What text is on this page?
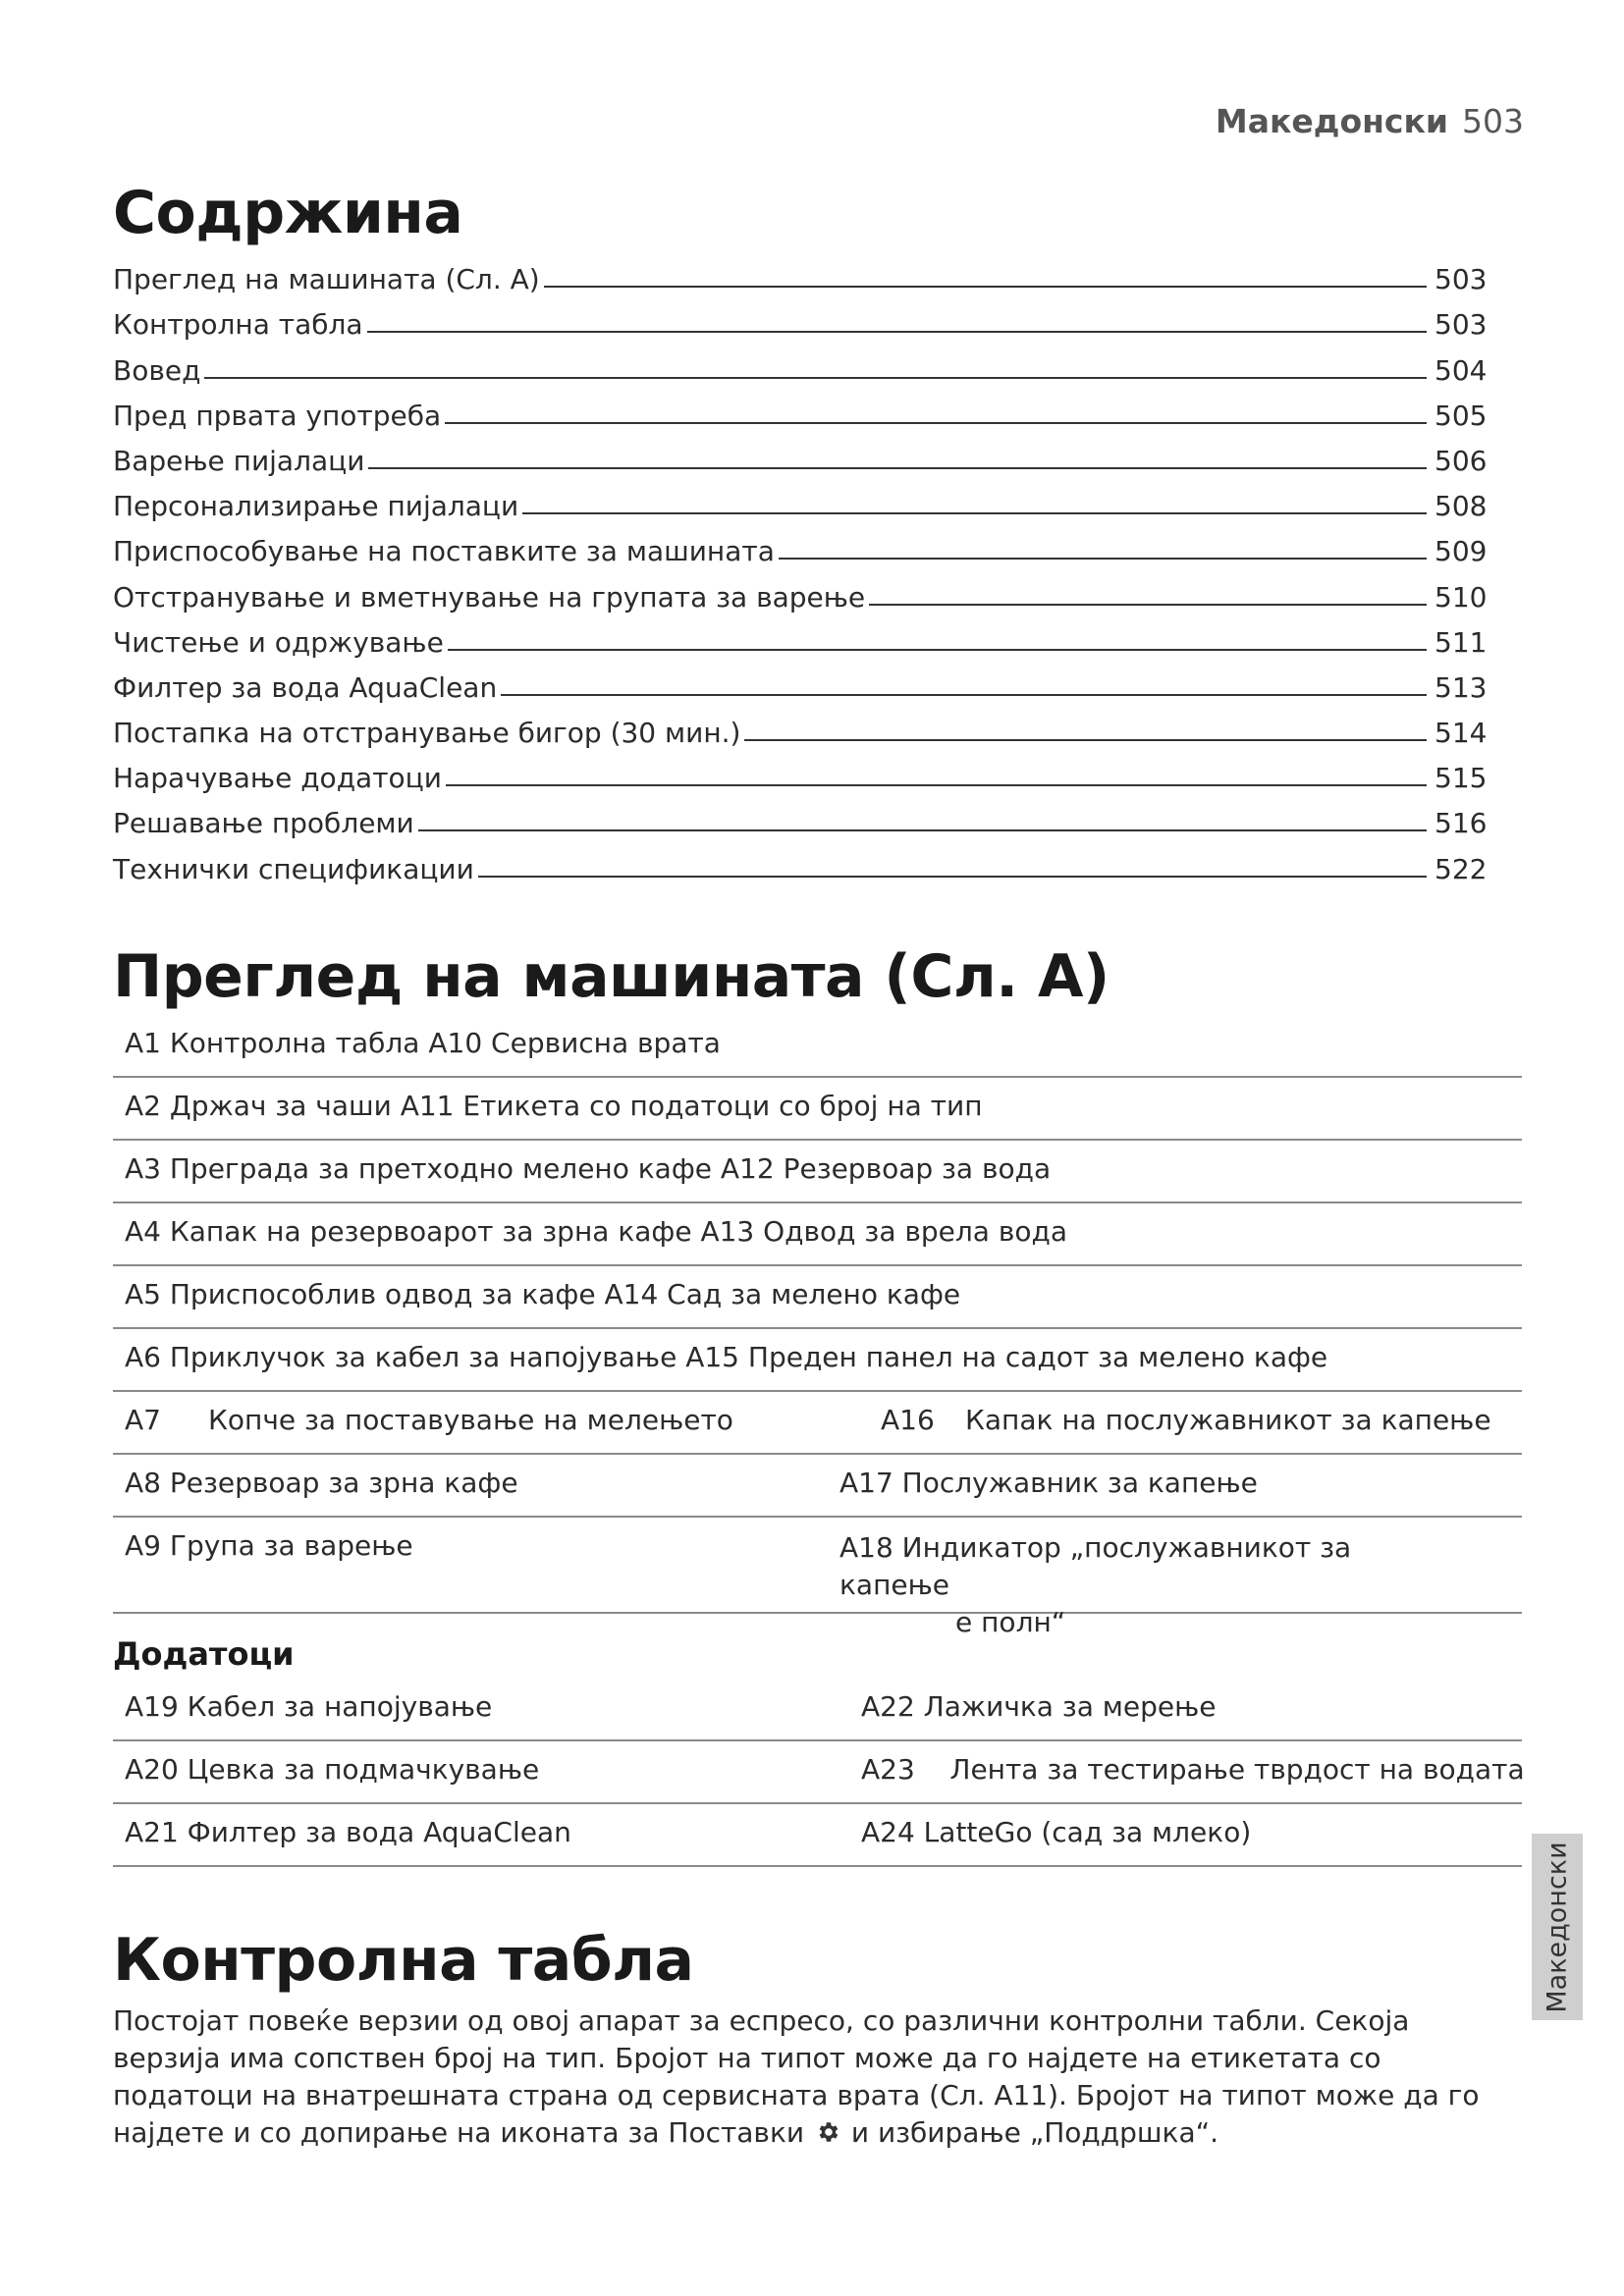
Македонски 503
Содржина
Преглед на машината (Сл. А)	503
Контролна табла	503
Вовед	504
Пред првата употреба	505
Варење пијалаци	506
Персонализирање пијалаци	508
Приспособување на поставките за машината	509
Отстранување и вметнување на групата за варење	510
Чистење и одржување	511
Филтер за вода AquaClean	513
Постапка на отстранување бигор (30 мин.)	514
Нарачување додатоци	515
Решавање проблеми	516
Технички спецификации	522
Преглед на машината (Сл. А)
A1 Контролна табла A10 Сервисна врата
A2 Држач за чаши A11 Етикета со податоци со број на тип
A3 Преграда за претходно мелено кафе A12 Резервоар за вода
A4 Капак на резервоарот за зрна кафе A13 Одвод за врела вода
A5 Приспособлив одвод за кафе A14 Сад за мелено кафе
A6 Приклучок за кабел за напојување A15 Преден панел на садот за мелено кафе
A7 Копче за поставување на мелењето	A16 Капак на послужавникот за капење
A8 Резервоар за зрна кафе	A17 Послужавник за капење
A9 Група за варење	A18 Индикатор „послужавникот за капење
е полн“
Додатоци
A19 Кабел за напојување	A22 Лажичка за мерење
A20 Цевка за подмачкување	A23    Лента за тестирање тврдост на водата
A21 Филтер за вода AquaClean	A24 LatteGo (сад за млеко)
Контролна табла

Постојат повеќе верзии од овој апарат за еспресо, со различни контролни табли. Секоја верзија има сопствен број на тип. Бројот на типот може да го најдете на етикетата со податоци на внатрешната страна од сервисната врата (Сл. A11). Бројот на типот може да го најдете и со допирање на иконата за Поставки и избирање „Поддршка“.

Македонски
